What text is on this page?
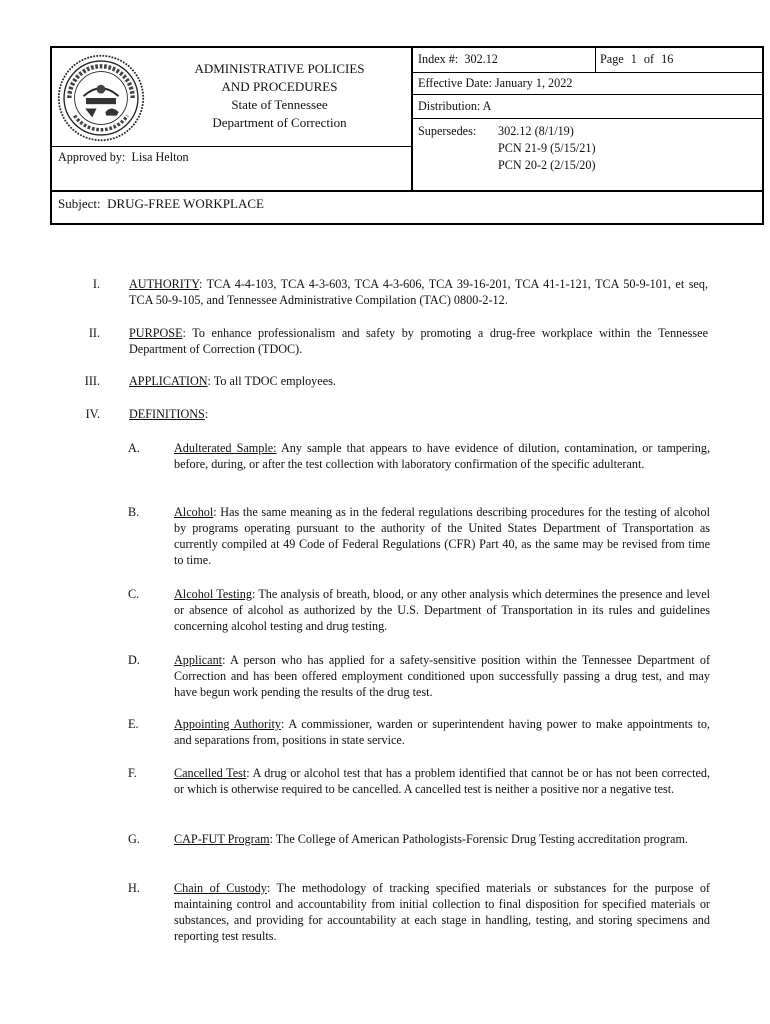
ADMINISTRATIVE POLICIES
AND PROCEDURES
State of Tennessee
Department of Correction
Approved by: Lisa Helton
Index #: 302.12	Page 1 of 16
Effective Date: January 1, 2022
Distribution: A
Supersedes: 302.12 (8/1/19)
PCN 21-9 (5/15/21)
PCN 20-2 (2/15/20)
Subject: DRUG-FREE WORKPLACE
I. AUTHORITY: TCA 4-4-103, TCA 4-3-603, TCA 4-3-606, TCA 39-16-201, TCA 41-1-121, TCA 50-9-101, et seq, TCA 50-9-105, and Tennessee Administrative Compilation (TAC) 0800-2-12.
II. PURPOSE: To enhance professionalism and safety by promoting a drug-free workplace within the Tennessee Department of Correction (TDOC).
III. APPLICATION: To all TDOC employees.
IV. DEFINITIONS:
A.	Adulterated Sample: Any sample that appears to have evidence of dilution, contamination, or tampering, before, during, or after the test collection with laboratory confirmation of the specific adulterant.
B.	Alcohol: Has the same meaning as in the federal regulations describing procedures for the testing of alcohol by programs operating pursuant to the authority of the United States Department of Transportation as currently compiled at 49 Code of Federal Regulations (CFR) Part 40, as the same may be revised from time to time.
C.	Alcohol Testing: The analysis of breath, blood, or any other analysis which determines the presence and level or absence of alcohol as authorized by the U.S. Department of Transportation in its rules and guidelines concerning alcohol testing and drug testing.
D.	Applicant: A person who has applied for a safety-sensitive position within the Tennessee Department of Correction and has been offered employment conditioned upon successfully passing a drug test, and may have begun work pending the results of the drug test.
E.	Appointing Authority: A commissioner, warden or superintendent having power to make appointments to, and separations from, positions in state service.
F.	Cancelled Test: A drug or alcohol test that has a problem identified that cannot be or has not been corrected, or which is otherwise required to be cancelled. A cancelled test is neither a positive nor a negative test.
G.	CAP-FUT Program: The College of American Pathologists-Forensic Drug Testing accreditation program.
H.	Chain of Custody: The methodology of tracking specified materials or substances for the purpose of maintaining control and accountability from initial collection to final disposition for specified materials or substances, and providing for accountability at each stage in handling, testing, and storing specimens and reporting test results.
